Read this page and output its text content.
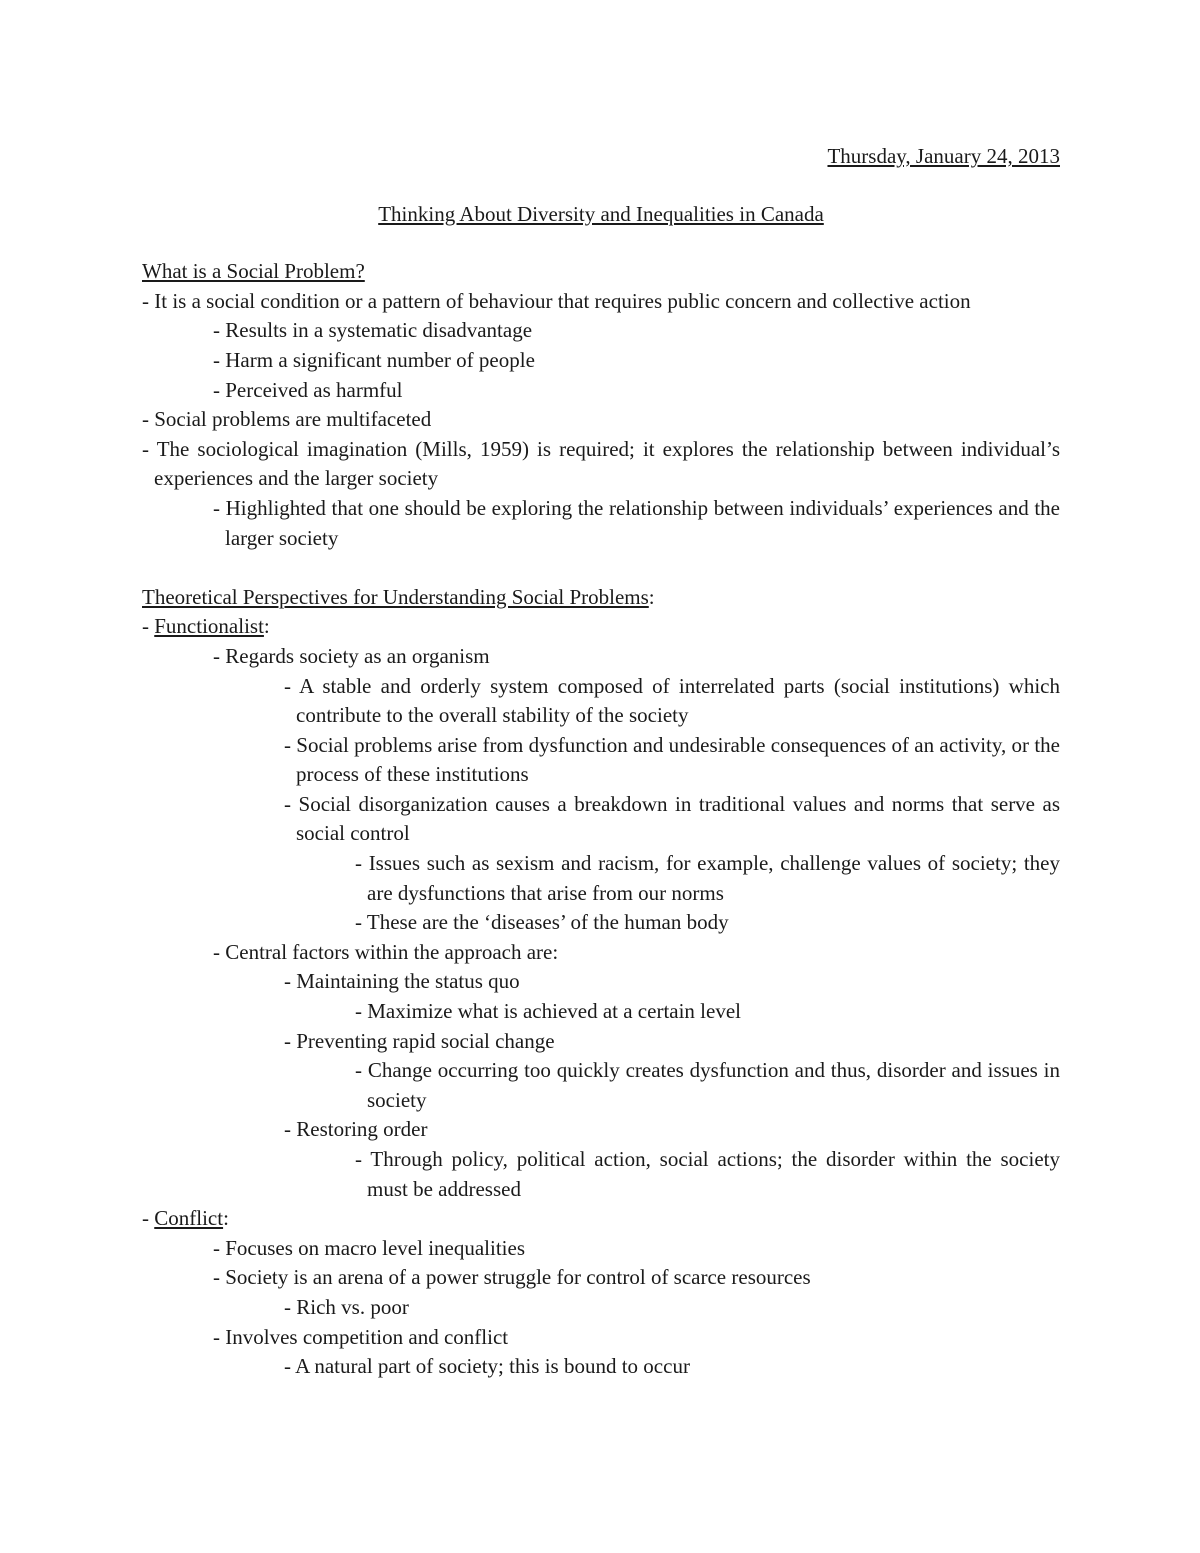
Thursday, January 24, 2013
Thinking About Diversity and Inequalities in Canada
What is a Social Problem?
- It is a social condition or a pattern of behaviour that requires public concern and collective action
- Results in a systematic disadvantage
- Harm a significant number of people
- Perceived as harmful
- Social problems are multifaceted
- The sociological imagination (Mills, 1959) is required; it explores the relationship between individual’s experiences and the larger society
- Highlighted that one should be exploring the relationship between individuals’ experiences and the larger society
Theoretical Perspectives for Understanding Social Problems:
- Functionalist:
- Regards society as an organism
- A stable and orderly system composed of interrelated parts (social institutions) which contribute to the overall stability of the society
- Social problems arise from dysfunction and undesirable consequences of an activity, or the process of these institutions
- Social disorganization causes a breakdown in traditional values and norms that serve as social control
- Issues such as sexism and racism, for example, challenge values of society; they are dysfunctions that arise from our norms
- These are the ‘diseases’ of the human body
- Central factors within the approach are:
- Maintaining the status quo
- Maximize what is achieved at a certain level
- Preventing rapid social change
- Change occurring too quickly creates dysfunction and thus, disorder and issues in society
- Restoring order
- Through policy, political action, social actions; the disorder within the society must be addressed
- Conflict:
- Focuses on macro level inequalities
- Society is an arena of a power struggle for control of scarce resources
- Rich vs. poor
- Involves competition and conflict
- A natural part of society; this is bound to occur
